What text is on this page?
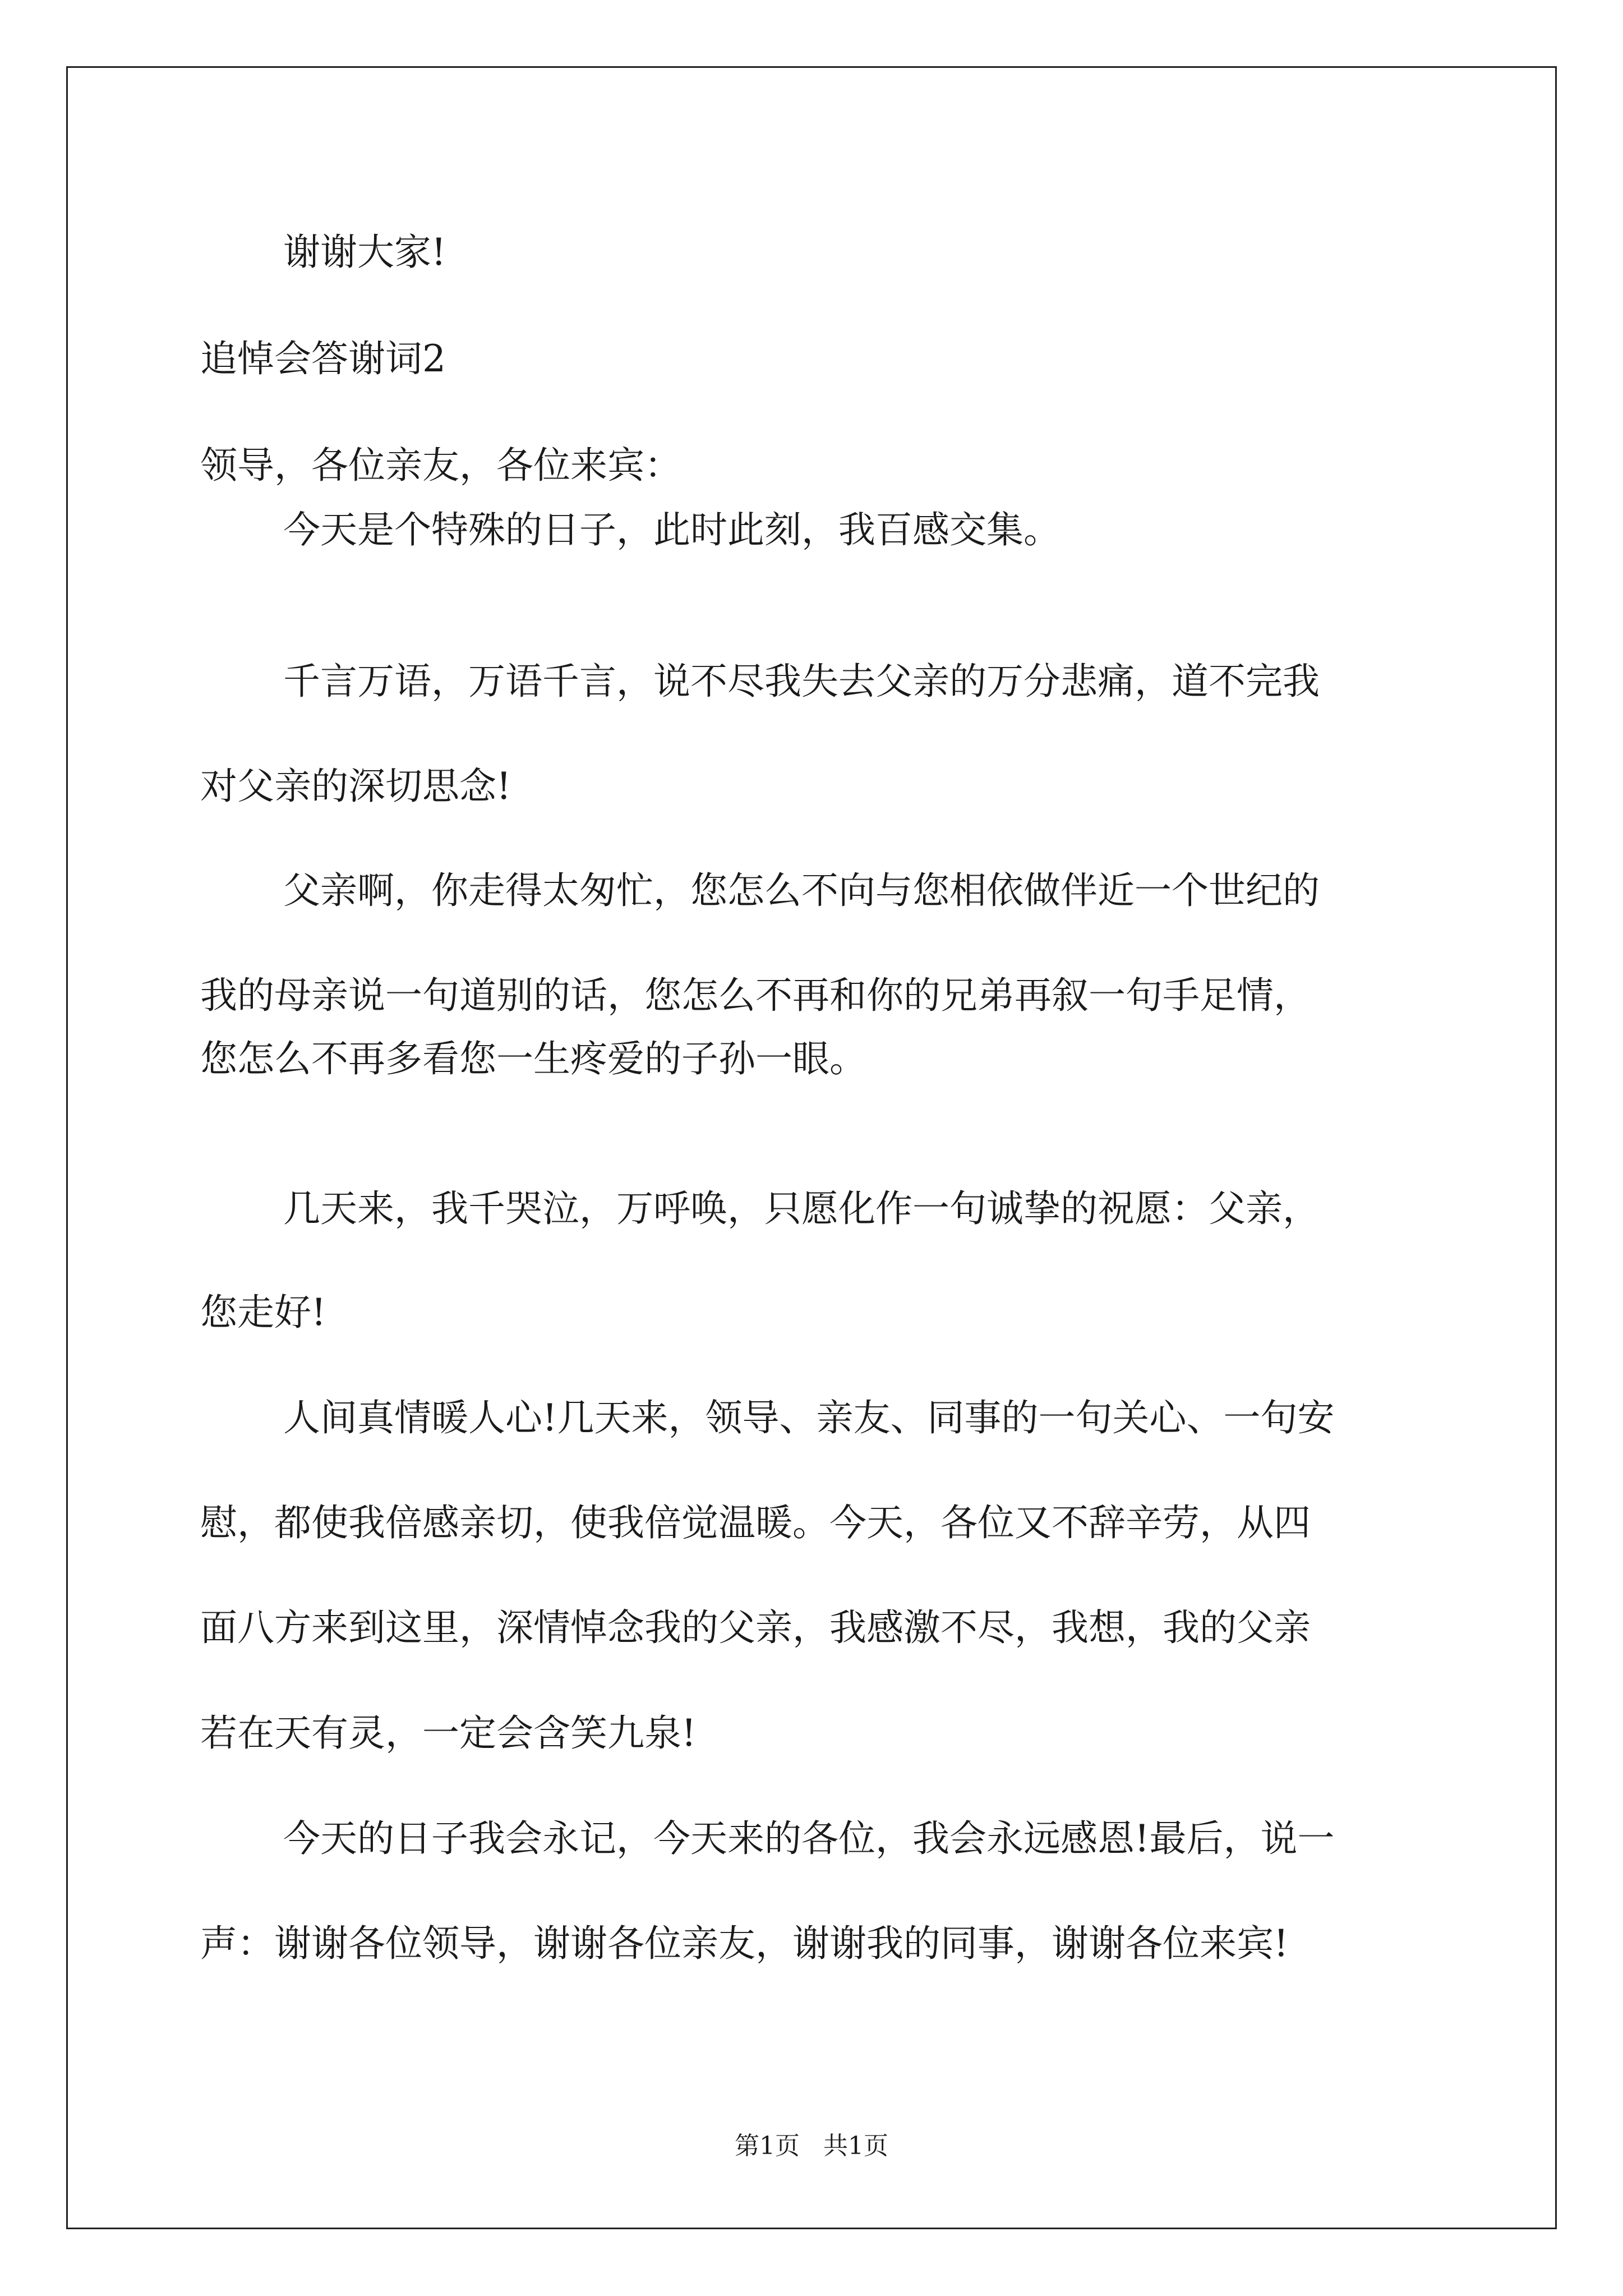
谢谢大家!
追悼会答谢词2
领导，各位亲友，各位来宾：
今天是个特殊的日子，此时此刻，我百感交集。
千言万语，万语千言，说不尽我失去父亲的万分悲痛，道不完我
对父亲的深切思念!
父亲啊，你走得太匆忙，您怎么不向与您相依做伴近一个世纪的
我的母亲说一句道别的话，您怎么不再和你的兄弟再叙一句手足情，
您怎么不再多看您一生疼爱的子孙一眼。
几天来，我千哭泣，万呼唤，只愿化作一句诚挚的祝愿：父亲，
您走好!
人间真情暖人心!几天来，领导、亲友、同事的一句关心、一句安
慰，都使我倍感亲切，使我倍觉温暖。今天，各位又不辞辛劳，从四
面八方来到这里，深情悼念我的父亲，我感激不尽，我想，我的父亲
若在天有灵，一定会含笑九泉!
今天的日子我会永记，今天来的各位，我会永远感恩!最后，说一
声：谢谢各位领导，谢谢各位亲友，谢谢我的同事，谢谢各位来宾!
第1页   共1页
